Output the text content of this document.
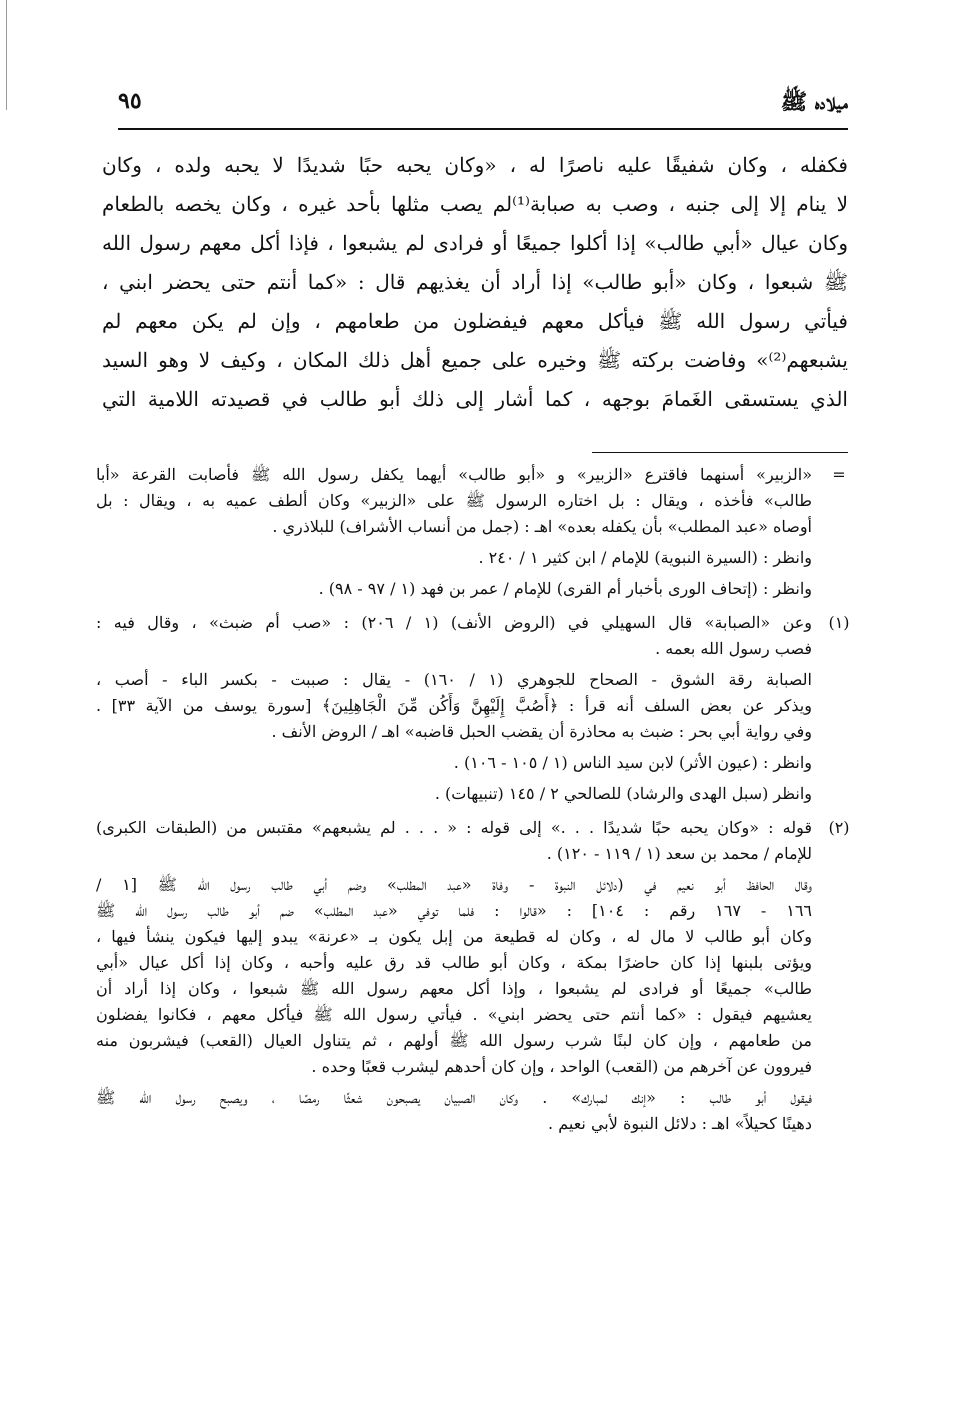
ميلاده ﷺ
٩٥
فكفله ، وكان شفيقًا عليه ناصرًا له ، «وكان يحبه حبًا شديدًا لا يحبه ولده ، وكان
لا ينام إلا إلى جنبه ، وصب به صبابة⁽¹⁾لم يصب مثلها بأحد غيره ، وكان يخصه بالطعام
وكان عيال «أبي طالب» إذا أكلوا جميعًا أو فرادى لم يشبعوا ، فإذا أكل معهم رسول الله
ﷺ شبعوا ، وكان «أبو طالب» إذا أراد أن يغذيهم قال : «كما أنتم حتى يحضر ابني ،
فيأتي رسول الله ﷺ فيأكل معهم فيفضلون من طعامهم ، وإن لم يكن معهم لم
يشبعهم⁽²⁾» وفاضت بركته ﷺ وخيره على جميع أهل ذلك المكان ، وكيف لا وهو السيد
الذي يستسقى الغَمامَ بوجهه ، كما أشار إلى ذلك أبو طالب في قصيدته اللامية التي
=
«الزبير» أسنهما فاقترع «الزبير» و «أبو طالب» أيهما يكفل رسول الله ﷺ فأصابت القرعة «أبا
طالب» فأخذه ، ويقال : بل اختاره الرسول ﷺ على «الزبير» وكان ألطف عميه به ، ويقال : بل
أوصاه «عبد المطلب» بأن يكفله بعده» اهـ : (جمل من أنساب الأشراف) للبلاذري .
وانظر : (السيرة النبوية) للإمام / ابن كثير ١ / ٢٤٠ .
وانظر : (إتحاف الورى بأخبار أم القرى) للإمام / عمر بن فهد (١ / ٩٧ - ٩٨) .
(١)
وعن «الصبابة» قال السهيلي في (الروض الأنف) (١ / ٢٠٦) : «صب أم ضبث» ، وقال فيه :
فصب رسول الله بعمه .
الصبابة رقة الشوق - الصحاح للجوهري (١ / ١٦٠) - يقال : صببت - بكسر الباء - أصب ،
ويذكر عن بعض السلف أنه قرأ : ﴿أَصُبَّ إِلَيْهِنَّ وَأَكُن مِّنَ الْجَاهِلِينَ﴾ [سورة يوسف من الآية ٣٣] .
وفي رواية أبي بحر : ضبث به محاذرة أن يقضب الحبل قاضبه» اهـ / الروض الأنف .
وانظر : (عيون الأثر) لابن سيد الناس (١ / ١٠٥ - ١٠٦) .
وانظر (سبل الهدى والرشاد) للصالحي ٢ / ١٤٥ (تنبيهات) .
(٢)
قوله : «وكان يحبه حبًا شديدًا . . .» إلى قوله : « . . . لم يشبعهم» مقتبس من (الطبقات الكبرى)
للإمام / محمد بن سعد (١ / ١١٩ - ١٢٠) .
وقال الحافظ أبو نعيم في (دلائل النبوة - وفاة «عبد المطلب» وضم أبي طالب رسول الله ﷺ [١ /
١٦٦ - ١٦٧ رقم : ١٠٤] : «قالوا : فلما توفي «عبد المطلب» ضم أبو طالب رسول الله ﷺ
وكان أبو طالب لا مال له ، وكان له قطيعة من إبل يكون بـ «عرنة» يبدو إليها فيكون ينشأ فيها ،
ويؤتى بلبنها إذا كان حاضرًا بمكة ، وكان أبو طالب قد رق عليه وأحبه ، وكان إذا أكل عيال «أبي
طالب» جميعًا أو فرادى لم يشبعوا ، وإذا أكل معهم رسول الله ﷺ شبعوا ، وكان إذا أراد أن
يعشيهم فيقول : «كما أنتم حتى يحضر ابني» . فيأتي رسول الله ﷺ فيأكل معهم ، فكانوا يفضلون
من طعامهم ، وإن كان لبنًا شرب رسول الله ﷺ أولهم ، ثم يتناول العيال (القعب) فيشربون منه
فيروون عن آخرهم من (القعب) الواحد ، وإن كان أحدهم ليشرب قعبًا وحده .
فيقول أبو طالب : «إنك لمبارك» . وكان الصبيان يصبحون شعثًا رمصًا ، ويصبح رسول الله ﷺ
دهينًا كحيلاً» اهـ : دلائل النبوة لأبي نعيم .
